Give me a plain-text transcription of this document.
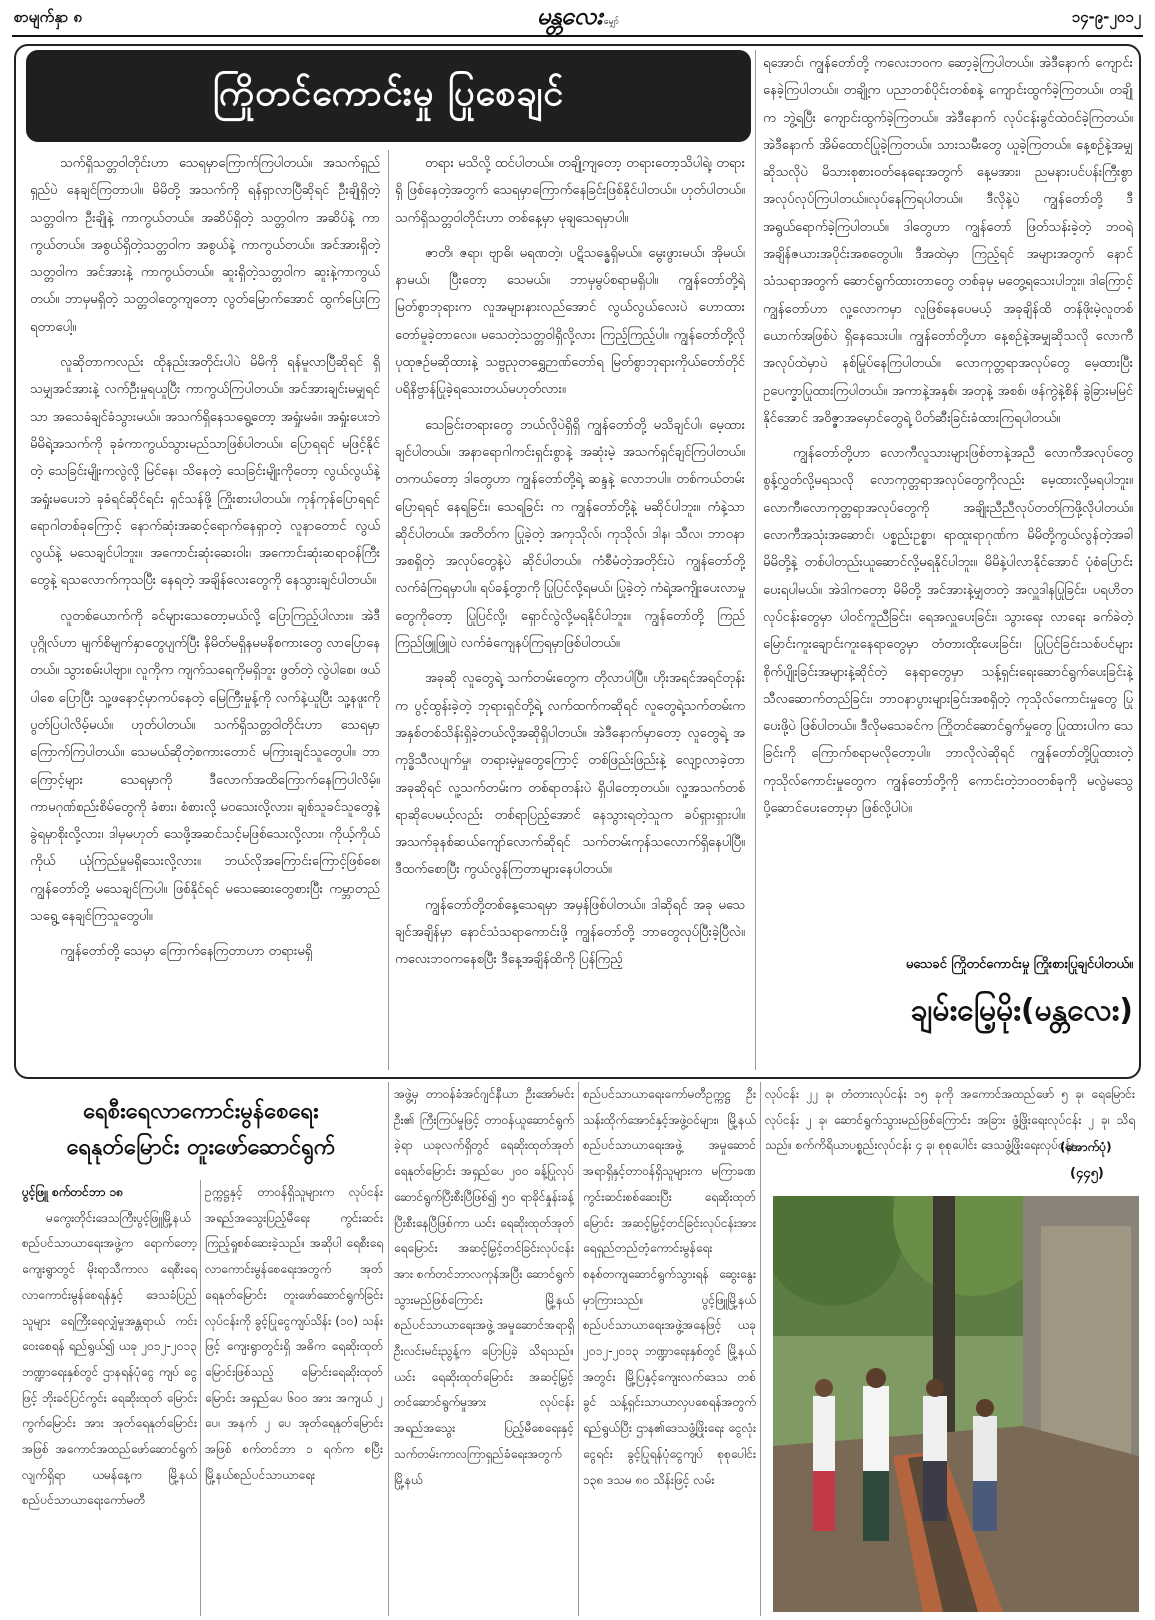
စာမျက်နှာ ၈	မန္တလေး မျှော်	၁၄-၉-၂၀၁၂
ကြိုတင်ကောင်းမှု ပြုစေချင်

သက်ရှိသတ္တဝါတိုင်းဟာ သေရမှာကြောက်ကြပါတယ်။ အသက်ရှည်ရှည်ပဲ နေချင်ကြတာပါ။ မိမိတို့ အသက်ကို ရန်ရှာလာပြီဆိုရင် ဦးချိုရှိတဲ့သတ္တဝါက ဦးချိုနဲ့ ကာကွယ်တယ်။ အဆိပ်ရှိတဲ့ သတ္တဝါက အဆိပ်နဲ့ ကာကွယ်တယ်။ အစွယ်ရှိတဲ့သတ္တဝါက အစွယ်နဲ့ ကာကွယ်တယ်။ အင်အားရှိတဲ့ သတ္တဝါက အင်အားနဲ့ ကာကွယ်တယ်။ ဆူးရှိတဲ့သတ္တဝါက ဆူးနဲ့ကာကွယ်တယ်။ ဘာမှမရှိတဲ့ သတ္တဝါတွေကျတော့ လွတ်မြောက်အောင် ထွက်ပြေးကြရတာပေါ့။

လူဆိုတာကလည်း ထိုနည်းအတိုင်းပါပဲ မိမိကို ရန်မူလာပြီဆိုရင် ရှိသမျှအင်အားနဲ့ လက်ဦးမှုရယူပြီး ကာကွယ်ကြပါတယ်။ အင်အားချင်းမမျှရင်သာ အသေခံချင်ခံသွားမယ်။ အသက်ရှိနေသရွေ့တော့ အရှုံးမခံ။ အရှုံးပေးဘဲ မိမိရဲ့အသက်ကို ခုခံကာကွယ်သွားမည်သာဖြစ်ပါတယ်။ ပြောရရင် မဖြင့်နိုင်တဲ့ သေခြင်းမျိုးကလွဲလို့ မြင်နေ၊ သိနေတဲ့ သေခြင်းမျိုးကိုတော့ လွယ်လွယ်နဲ့ အရှုံးမပေးဘဲ ခုခံရင်ဆိုင်ရင်း ရှင်သန်ဖို့ ကြိုးစားပါတယ်။ ကုန်ကုန်ပြောရရင် ရောဂါတစ်ခုကြောင့် နောက်ဆုံးအဆင့်ရောက်နေရှာတဲ့ လူနာတောင် လွယ်လွယ်နဲ့ မသေချင်ပါဘူး။ အကောင်းဆုံးဆေးဝါး၊ အကောင်းဆုံးဆရာဝန်ကြီးတွေနဲ့ ရသလောက်ကုသပြီး နေရတဲ့ အချိန်လေးတွေကို နေသွားချင်ပါတယ်။

လူတစ်ယောက်ကို ခင်များသေတော့မယ်လို့ ပြောကြည့်ပါလား။ အဲဒီပုဂ္ဂိုလ်ဟာ မျက်စိမျက်နှာတွေပျက်ပြီး နိမိတ်မရှိနမမနိစကားတွေ လာပြောနေတယ်။ သွားစမ်းပါဗျာ။ လူကိုက ကျက်သရေကိုမရှိဘူး ဖွတ်တဲ့ လွဲပါစေ၊ ဖယ်ပါစေ ပြောပြီး သူ့ဖနောင့်မှာကပ်နေတဲ့ မြေကြီးမှုန့်ကို လက်နဲ့ယူပြီး သူ့နဖူးကို ပွတ်ပြပါလိမ့်မယ်။ ဟုတ်ပါတယ်။ သက်ရှိသတ္တဝါတိုင်းဟာ သေရမှာ ကြောက်ကြပါတယ်။ သေမယ်ဆိုတဲ့စကားတောင် မကြားချင်သူတွေပါ။ ဘာကြောင့်များ သေရမှာကို ဒီလောက်အထိကြောက်နေကြပါလိမ့်။ ကာမဂုဏ်စည်းစိမ်တွေကို ခံစား၊ စံစားလို့ မဝသေးလို့လား၊ ချစ်သူခင်သူတွေနဲ့ ခွဲရမှာစိုးလို့လား၊ ဒါမှမဟုတ် သေဖို့အဆင်သင့်မဖြစ်သေးလို့လား၊ ကိုယ့်ကိုယ်ကိုယ် ယုံကြည်မှုမရှိသေးလို့လား။ ဘယ်လိုအကြောင်းကြောင့်ဖြစ်စေ၊ ကျွန်တော်တို့ မသေချင်ကြပါ။ ဖြစ်နိုင်ရင် မသေဆေးတွေစားပြီး ကမ္ဘာတည်သရွေ့ နေချင်ကြသူတွေပါ။

ကျွန်တော်တို့ သေမှာ ကြောက်နေကြတာဟာ တရားမရှိ

တရား မသိလို့ ထင်ပါတယ်။ တချို့ကျတော့ တရားတော့သိပါရဲ့၊ တရားရှိ ဖြစ်နေတဲ့အတွက် သေရမှာကြောက်နေခြင်းဖြစ်နိုင်ပါတယ်။ ဟုတ်ပါတယ်။ သက်ရှိသတ္တဝါတိုင်းဟာ တစ်နေ့မှာ မုချသေရမှာပါ။

ဇာတိ၊ ဇရာ၊ ဗျာဓိ၊ မရဏတဲ့၊ ပဋိသန္ဓေရှိမယ်။ မွေးဖွားမယ်၊ အိုမယ်၊ နာမယ်၊ ပြီးတော့ သေမယ်။ ဘာမှမွပ်စရာမရှိပါ။ ကျွန်တော်တို့ရဲ့ မြတ်စွာဘုရားက လူအများနားလည်အောင် လွယ်လွယ်လေးပဲ ဟောထားတော်မူခဲ့တာလေ။ မသေတဲ့သတ္တဝါရှိလို့လား ကြည့်ကြည့်ပါ။ ကျွန်တော်တို့လို ပုထုဇဉ်မဆိုထားနဲ့ သဗ္ဗညုတရွှေဉာဏ်တော်ရ မြတ်စွာဘုရားကိုယ်တော်တိုင် ပရိနိဗ္ဗာန်ပြုခဲ့ရသေးတယ်မဟုတ်လား။

သေခြင်းတရားတွေ ဘယ်လိုပဲရှိရှိ ကျွန်တော်တို့ မသိချင်ပါ၊ မေ့ထားချင်ပါတယ်။ အနာရောဂါကင်းရှင်းစွာနဲ့ အဆုံးမဲ့ အသက်ရှင်ချင်ကြပါတယ်။ တကယ်တော့ ဒါတွေဟာ ကျွန်တော်တို့ရဲ့ ဆန္ဒနဲ့ လောဘပါ။ တစ်ကယ်တမ်းပြောရရင် နေရခြင်း၊ သေရခြင်း က ကျွန်တော်တို့နဲ့ မဆိုင်ပါဘူး။ ကံနဲ့သာဆိုင်ပါတယ်။ အတိတ်က ပြုခဲ့တဲ့ အကုသိုလ်၊ ကုသိုလ်၊ ဒါန၊ သီလ၊ ဘာဝနာ အစရှိတဲ့ အလုပ်တွေနဲ့ပဲ ဆိုင်ပါတယ်။ ကံစီမံတဲ့အတိုင်းပဲ ကျွန်တော်တို့ လက်ခံကြရမှာပါ။ ရပ်ခန့်တွာကို ပြုပြင်လို့ရမယ်၊ ပြုခဲ့တဲ့ ကံရဲ့အကျိုးပေးလာမှုတွေကိုတော့ ပြုပြင်လို့၊ ရှောင်လွဲလို့မရနိုင်ပါဘူး။ ကျွန်တော်တို့ ကြည်ကြည်ဖြူဖြူပဲ လက်ခံကျေနပ်ကြရမှာဖြစ်ပါတယ်။

အခုဆို လူတွေရဲ့ သက်တမ်းတွေက တိုလာပါပြီ။ ဟိုးအရင်အရင်တုန်းက ပွင့်ထွန်းခဲ့တဲ့ ဘုရားရှင်တို့ရဲ့ လက်ထက်ကဆိုရင် လူတွေရဲ့သက်တမ်းက အနှစ်တစ်သိန်းရှိခဲ့တယ်လို့အဆိုရှိပါတယ်။ အဲဒီနောက်မှာတော့ လူတွေရဲ့ အကုဒ္ဓိသီလပျက်မှု၊ တရားမဲ့မှုတွေကြောင့် တစ်ဖြည်းဖြည်းနဲ့ လျော့လာခဲ့တာ အခုဆိုရင် လူ့သက်တမ်းက တစ်ရာတန်းပဲ ရှိပါတော့တယ်။ လူ့အသက်တစ်ရာဆိုပေမယ့်လည်း တစ်ရာပြည့်အောင် နေသွားရတဲ့သူက ခပ်ရှားရှားပါ။ အသက်ခုနစ်ဆယ်ကျော်လောက်ဆိုရင် သက်တမ်းကုန်သလောက်ရှိနေပါပြီ။ ဒီထက်စောပြီး ကွယ်လွန်ကြတာများနေပါတယ်။

ကျွန်တော်တို့တစ်နေ့သေရမှာ အမှန်ဖြစ်ပါတယ်။ ဒါဆိုရင် အခု မသေချင်အချိန်မှာ နောင်သံသရာကောင်းဖို့ ကျွန်တော်တို့ ဘာတွေလုပ်ပြီးခဲ့ပြီလဲ။ ကလေးဘဝကနေစပြီး ဒီနေ့အချိန်ထိကို ပြန်ကြည့်

ရအောင်၊ ကျွန်တော်တို့ ကလေးဘဝက ဆော့ခဲ့ကြပါတယ်။ အဲဒီနောက် ကျောင်းနေခဲ့ကြပါတယ်။ တချို့က ပညာတစ်ပိုင်းတစ်စနဲ့ ကျောင်းထွက်ခဲ့ကြတယ်။ တချို့က ဘွဲ့ရပြီး ကျောင်းထွက်ခဲ့ကြတယ်။ အဲဒီနောက် လုပ်ငန်းခွင်ထဲဝင်ခဲ့ကြတယ်။ အဲဒီနောက် အိမ်ထောင်ပြုခဲ့ကြတယ်။ သားသမီးတွေ ယူခဲ့ကြတယ်။ နေ့စဉ်နဲ့အမျှ ဆိုသလိုပဲ မိသားစုစားဝတ်နေရေးအတွက် နေ့မအား၊ ညမနားပင်ပန်းကြီးစွာ အလုပ်လုပ်ကြပါတယ်။လုပ်နေကြရပါတယ်။ ဒီလိုနဲ့ပဲ ကျွန်တော်တို့ ဒီအရွယ်ရောက်ခဲ့ကြပါတယ်။ ဒါတွေဟာ ကျွန်တော် ဖြတ်သန်းခဲ့တဲ့ ဘဝရဲ့ အချိန်ဇယားအပိုင်းအစတွေပါ။ ဒီအထဲမှာ ကြည့်ရင် အများအတွက် နောင်သံသရာအတွက် ဆောင်ရွက်ထားတာတွေ တစ်ခုမှ မတွေ့ရသေးပါဘူး။ ဒါကြောင့် ကျွန်တော်ဟာ လူ့လောကမှာ လူဖြစ်နေပေမယ့် အခုချိန်ထိ တန်ဖိုးမဲ့လူတစ်ယောက်အဖြစ်ပဲ ရှိနေသေးပါ။ ကျွန်တော်တို့ဟာ နေ့စဉ်နဲ့အမျှဆိုသလို လောကီအလုပ်ထဲမှာပဲ နစ်မြုပ်နေကြပါတယ်။ လောကုတ္တရာအလုပ်တွေ မေ့ထားပြီး ဥပေက္ခာပြုထားကြပါတယ်။ အကာနဲ့အနှစ်၊ အတုနဲ့ အစစ်၊ ဖန်ကွဲနဲ့စိန် ခွဲခြားမမြင်နိုင်အောင် အဝိဇ္ဇာအမှောင်တွေရဲ့ ပိတ်ဆီးခြင်းခံထားကြရပါတယ်။

ကျွန်တော်တို့ဟာ လောကီလူသားများဖြစ်တာနဲ့အညီ လောကီအလုပ်တွေ စွန့်လွှတ်လို့မရသလို လောကုတ္တရာအလုပ်တွေကိုလည်း မေ့ထားလို့မရပါဘူး။ လောကီ၊လောကုတ္တရာအလုပ်တွေကို အချိုးညီညီလုပ်တတ်ကြဖို့လိုပါတယ်။ လောကီအသုံးအဆောင်၊ ပစ္စည်းဥစ္စာ၊ ရာထူးရာဂုဏ်က မိမိတို့ကွယ်လွန်တဲ့အခါ မိမိတို့နဲ့ တစ်ပါတည်းယူဆောင်လို့မရနိုင်ပါဘူး။ မိမိနဲ့ပါလာနိုင်အောင် ပုံစံပြောင်းပေးရပါမယ်။ အဲဒါကတော့ မိမိတို့ အင်အားနဲ့မျှတတဲ့ အလှူဒါနပြုခြင်း၊ ပရဟိတလုပ်ငန်းတွေမှာ ပါဝင်ကူညီခြင်း၊ ရေအလှူပေးခြင်း၊ သွားရေး လာရေး ခက်ခဲတဲ့မြောင်းကူးချောင်းကူးနေရာတွေမှာ တံတားထိုးပေးခြင်း၊ ပြုပြင်ခြင်းသစ်ပင်များစိုက်ပျိုးခြင်းအများနဲ့ဆိုင်တဲ့ နေရာတွေမှာ သန့်ရှင်းရေးဆောင်ရွက်ပေးခြင်းနဲ့ သီလဆောက်တည်ခြင်း၊ ဘာဝနာပွားများခြင်းအစရှိတဲ့ ကုသိုလ်ကောင်းမှုတွေ ပြုပေးဖို့ပဲ ဖြစ်ပါတယ်။ ဒီလိုမသေခင်က ကြိုတင်ဆောင်ရွက်မှုတွေ ပြုထားပါက သေခြင်းကို ကြောက်စရာမလိုတော့ပါ။ ဘာလိုလဲဆိုရင် ကျွန်တော်တို့ပြုထားတဲ့ ကုသိုလ်ကောင်းမှုတွေက ကျွန်တော်တို့ကို ကောင်းတဲ့ဘဝတစ်ခုကို မလွဲမသွေ ပို့ဆောင်ပေးတော့မှာ ဖြစ်လို့ပါပဲ။

မသေခင် ကြိုတင်ကောင်းမှု ကြိုးစားပြုချင်ပါတယ်။
ချမ်းမြေ့မိုး(မန္တလေး)
ရေစီးရေလာကောင်းမွန်စေရေး
ရေနုတ်မြောင်း တူးဖော်ဆောင်ရွက်
ပွင့်ဖြူ စက်တင်ဘာ ၁၈

မကွေးတိုင်းဒေသကြီးပွင့်ဖြူမြို့နယ်စည်ပင်သာယာရေးအဖွဲ့က ရောက်တော့ကျေးရွာတွင် မိုးရာသီကာလ ရေစီးရေလာကောင်းမွန်စေရန်နှင့် ဒေသခံပြည်သူများ ရေကြီးရေလျှံမှုအန္တရာယ် ကင်းဝေးစေရန် ရည်ရွယ်၍ ယခု ၂၀၁၂-၂၀၁၃ ဘဏ္ဍာရေးနှစ်တွင် ဌာနရန်ပုံငွေ ကျပ် ငွေဖြင့် ဘိုးခင်ပြင်ကွင်း ရေဆိုးထုတ် မြောင်းကွက်မြောင်း အား အုတ်ရေနုတ်မြောင်းအဖြစ် အကောင်အထည်ဖော်ဆောင်ရွက်လျက်ရှိရာ ယမန်နေ့က မြို့နယ်စည်ပင်သာယာရေးကော်မတီ

ဥက္ကဋ္ဌနှင့် တာဝန်ရှိသူများက လုပ်ငန်းအရည်အသွေးပြည့်မီရေး ကွင်းဆင်းကြည့်ရှုစစ်ဆေးခဲ့သည်။ အဆိုပါ ရေစီးရေလာကောင်းမွန်စေရေးအတွက် အုတ်ရေနုတ်မြောင်း တူးဖော်ဆောင်ရွက်ခြင်းလုပ်ငန်းကို ခွင့်ပြုငွေကျပ်သိန်း (၁၀) သန်းဖြင့် ကျေးရွာတွင်းရှိ အဓိက ရေဆိုးထုတ်မြောင်းဖြစ်သည့် မြောင်းရေဆိုးထုတ်မြောင်း အရှည်ပေ ၆၀၀ အား အကျယ် ၂ ပေ၊ အနက် ၂ ပေ အုတ်ရေနုတ်မြောင်း အဖြစ် စက်တင်ဘာ ၁ ရက်က စပြီး မြို့နယ်စည်ပင်သာယာရေး

အဖွဲ့မှ တာဝန်ခံအင်ဂျင်နီယာ ဦးအော်မင်းဦး၏ ကြီးကြပ်မှုဖြင့် တာဝန်ယူဆောင်ရွက်ခဲ့ရာ ယခုလက်ရှိတွင် ရေဆိုးထုတ်အုတ်ရေနုတ်မြောင်း အရှည်ပေ ၂၀၀ ခန့်ပြုလုပ် ဆောင်ရွက်ပြီးစီးပြီဖြစ်၍ ၅၀ ရာခိုင်နှုန်းခန့် ပြီးစီးနေပြီဖြစ်ကာ ယင်း ရေဆိုးထုတ်အုတ်ရေမြောင်း အဆင့်မြှင့်တင်ခြင်းလုပ်ငန်းအား စက်တင်ဘာလကုန်အပြီး ဆောင်ရွက်သွားမည်ဖြစ်ကြောင်း မြို့နယ်စည်ပင်သာယာရေးအဖွဲ့ အမှုဆောင်အရာရှိ ဦးလင်းမင်းညွန့်က ပြောပြခဲ့ သိရသည်။ ယင်း ရေဆိုးထုတ်မြောင်း အဆင့်မြှင့်တင်ဆောင်ရွက်မှုအား လုပ်ငန်းအရည်အသွေး ပြည့်မီစေရေးနှင့် သက်တမ်းကာလကြာရှည်ခံရေးအတွက် မြို့နယ်

စည်ပင်သာယာရေးကော်မတီဥက္ကဋ္ဌ ဦးသန်းထိုက်အောင်နှင့်အဖွဲ့ဝင်များ၊ မြို့နယ်စည်ပင်သာယာရေးအဖွဲ့ အမှုဆောင်အရာရှိနှင့်တာဝန်ရှိသူများက မကြာခဏ ကွင်းဆင်းစစ်ဆေးပြီး ရေဆိုးထုတ်မြောင်း အဆင့်မြှင့်တင်ခြင်းလုပ်ငန်းအား ရေရှည်တည်တံ့ကောင်းမွန်ရေး စနစ်တကျဆောင်ရွက်သွားရန် ဆွေးနွေးမှာကြားသည်။ ပွင့်ဖြူမြို့နယ်စည်ပင်သာယာရေးအဖွဲ့အနေဖြင့် ယခု ၂၀၁၂-၂၀၁၃ ဘဏ္ဍာရေးနှစ်တွင် မြို့နယ်အတွင်း မြို့ပြနှင့်ကျေးလက်ဒေသ တစ်ခွင် သန့်ရှင်းသာယာလှပစေရန်အတွက် ရည်ရွယ်ပြီး ဌာန၏ဒေသဖွံ့ဖြိုးရေး ငွေလုံးငွေရင်း ခွင့်ပြုရန်ပုံငွေကျပ် စုစုပေါင်း ၁၃၈ ဒသမ ၈၀ သိန်းဖြင့် လမ်း

လုပ်ငန်း ၂၂ ခု၊ တံတားလုပ်ငန်း ၁၅ ခုကို အကောင်အထည်ဖော် ၅ ခု၊ ရေမြောင်းလုပ်ငန်း ၂ ခု၊ ဆောင်ရွက်သွားမည်ဖြစ်ကြောင်း အခြား ဖွံ့ဖြိုးရေးလုပ်ငန်း ၂ ခု၊ သိရသည်။ စက်ကိရိယာပစ္စည်းလုပ်ငန်း ၄ ခု၊ စုစုပေါင်း ဒေသဖွံ့ဖြိုးရေးလုပ်ငန်း

(အောက်ပုံ)
(၄၄၅)
